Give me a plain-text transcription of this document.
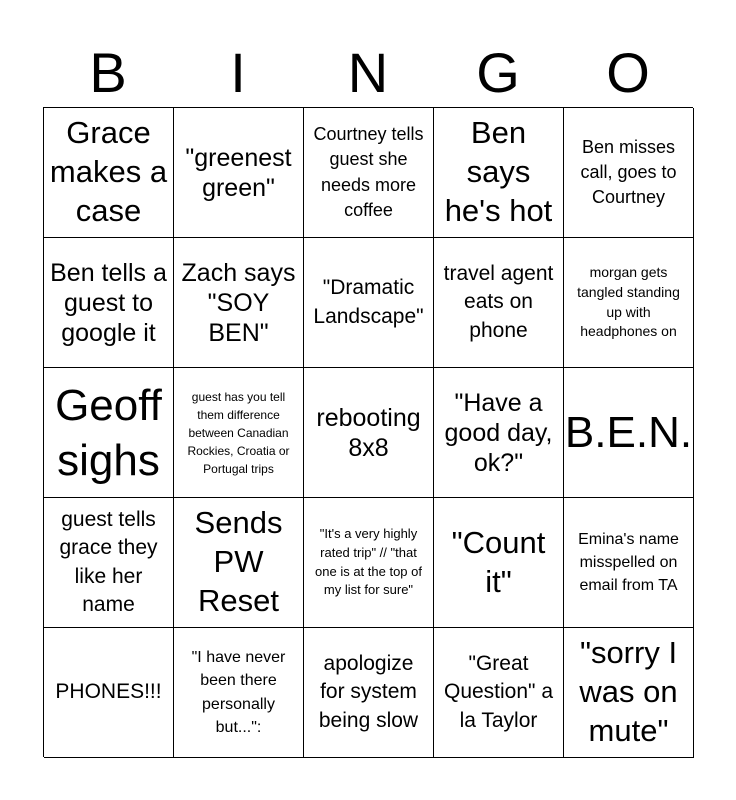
B	I	N	G	O
Grace makes a case
"greenest green"
Courtney tells guest she needs more coffee
Ben says he's hot
Ben misses call, goes to Courtney
Ben tells a guest to google it
Zach says "SOY BEN"
"Dramatic Landscape"
travel agent eats on phone
morgan gets tangled standing up with headphones on
Geoff sighs
guest has you tell them difference between Canadian Rockies, Croatia or Portugal trips
rebooting 8x8
"Have a good day, ok?"
B.E.N.
guest tells grace they like her name
Sends PW Reset
"It's a very highly rated trip" // "that one is at the top of my list for sure"
"Count it"
Emina's name misspelled on email from TA
PHONES!!!
"I have never been there personally but...":
apologize for system being slow
"Great Question" a la Taylor
"sorry I was on mute"
